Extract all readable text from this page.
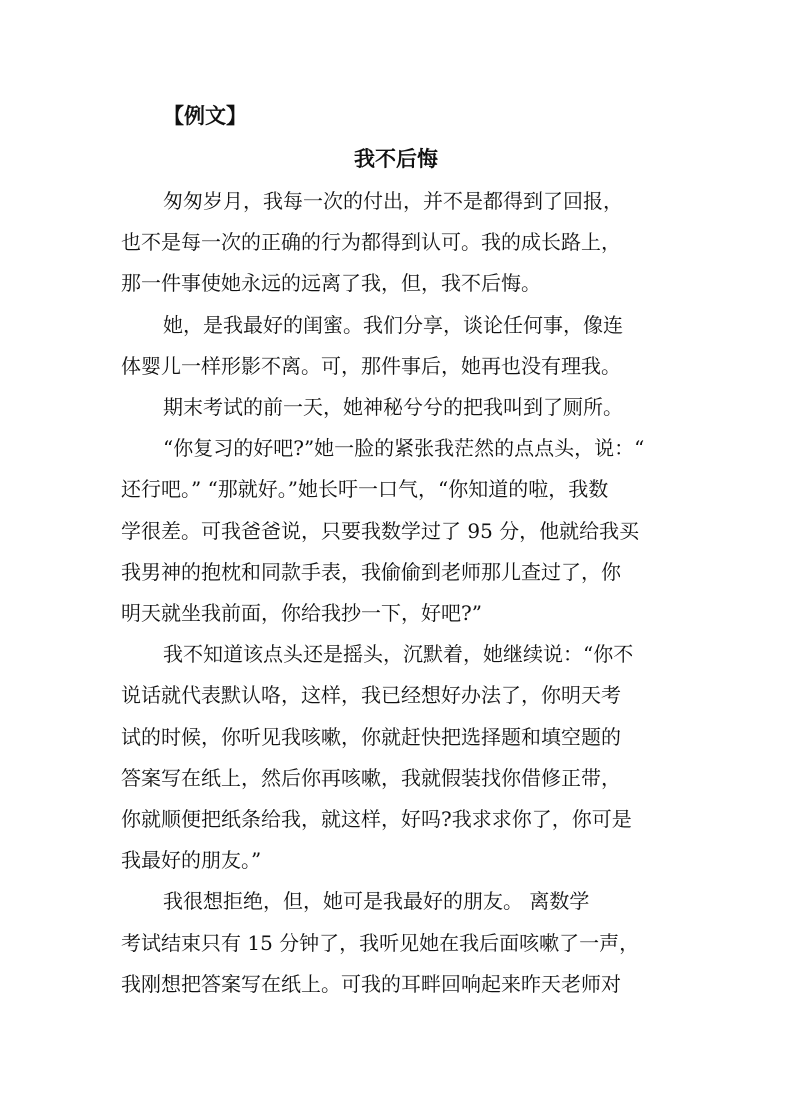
【例文】

我不后悔

匆匆岁月，我每一次的付出，并不是都得到了回报，

也不是每一次的正确的行为都得到认可。我的成长路上，

那一件事使她永远的远离了我，但，我不后悔。

她，是我最好的闺蜜。我们分享，谈论任何事，像连

体婴儿一样形影不离。可，那件事后，她再也没有理我。

期末考试的前一天，她神秘兮兮的把我叫到了厕所。

“你复习的好吧?”她一脸的紧张我茫然的点点头，说：“

还行吧。” “那就好。”她长吁一口气，“你知道的啦，我数

学很差。可我爸爸说，只要我数学过了 95 分，他就给我买

我男神的抱枕和同款手表，我偷偷到老师那儿查过了，你

明天就坐我前面，你给我抄一下，好吧?”

我不知道该点头还是摇头，沉默着，她继续说：“你不

说话就代表默认咯，这样，我已经想好办法了，你明天考

试的时候，你听见我咳嗽，你就赶快把选择题和填空题的

答案写在纸上，然后你再咳嗽，我就假装找你借修正带，

你就顺便把纸条给我，就这样，好吗?我求求你了，你可是

我最好的朋友。”

我很想拒绝，但，她可是我最好的朋友。 离数学

考试结束只有 15 分钟了，我听见她在我后面咳嗽了一声，

我刚想把答案写在纸上。可我的耳畔回响起来昨天老师对
